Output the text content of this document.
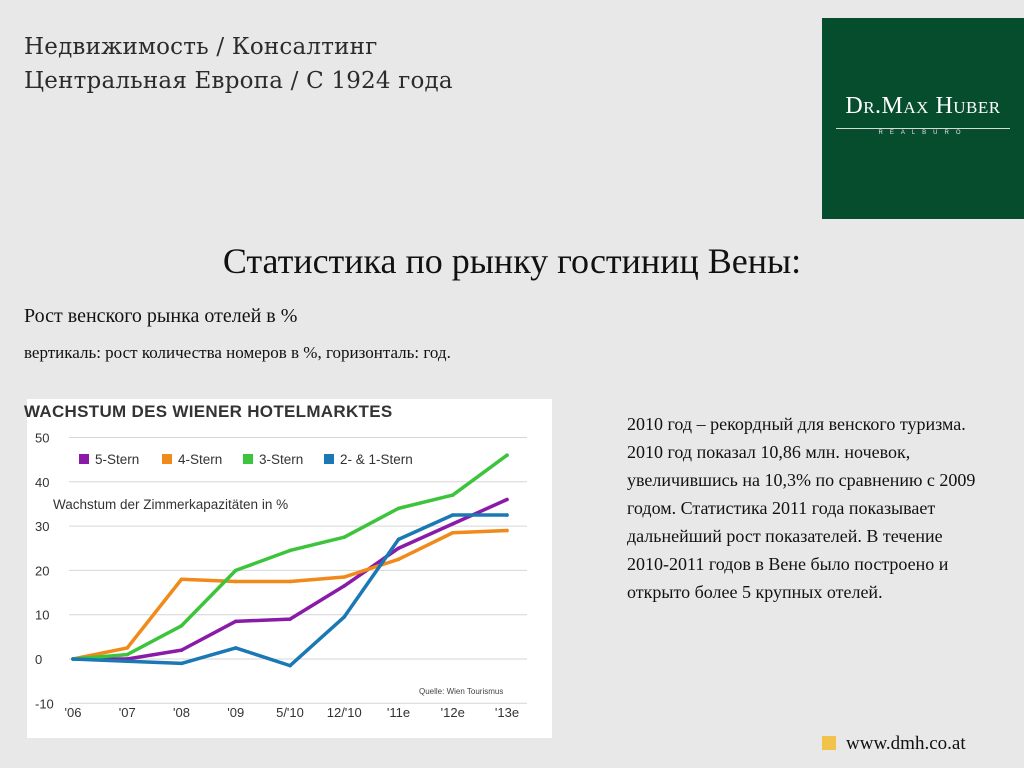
Недвижимость / Консалтинг
Центральная Европа / С 1924 года
Dr.Max Huber
REALBURO
Статистика по рынку гостиниц Вены:
Рост венского рынка отелей в %
вертикаль: рост количества номеров в %, горизонталь: год.
50
40
30
20
10
0
-10
'06	'07	'08	'09 5/'10 12/'10 '11e '12e '13e
5-Stern	4-Stern	3-Stern	2- & 1-Stern
Wachstum der Zimmerkapazitäten in %
Quelle: Wien Tourismus
WACHSTUM DES WIENER HOTELMARKTES
2010 год – рекордный для венского туризма. 2010 год показал 10,86 млн. ночевок, увеличившись на 10,3% по сравнению с 2009 годом. Статистика 2011 года показывает дальнейший рост показателей. В течение 2010-2011 годов в Вене было построено и открыто более 5 крупных отелей.
www.dmh.co.at
